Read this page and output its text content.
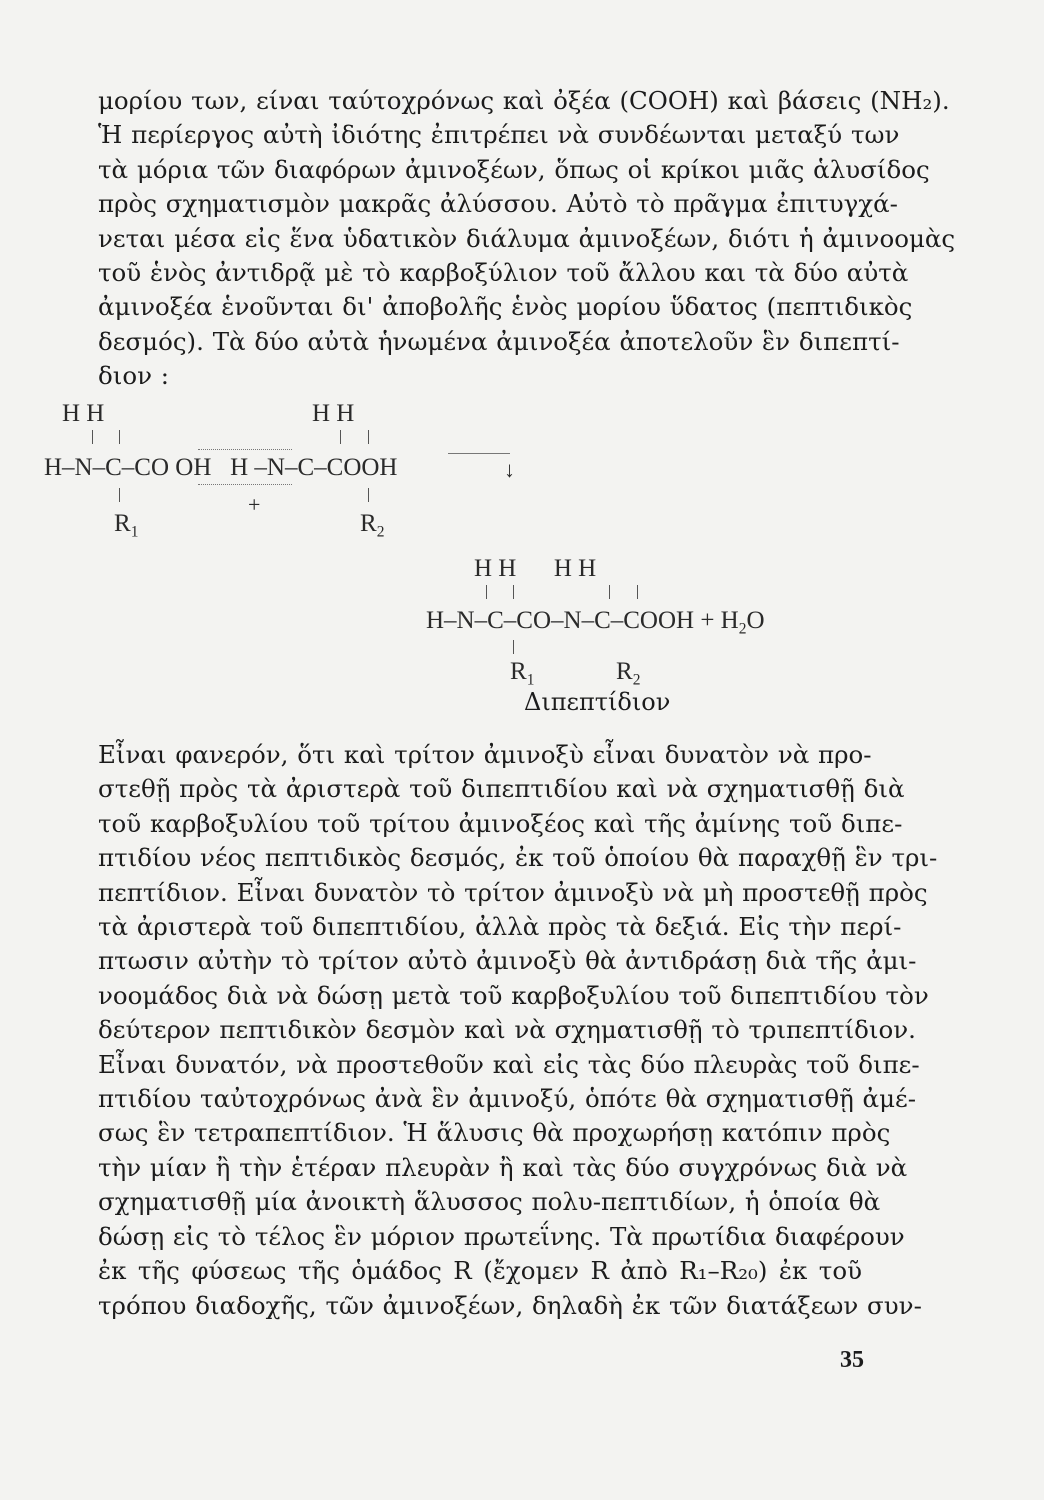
μορίου των, είναι ταύτοχρόνως καὶ ὀξέα (COOH) καὶ βάσεις (NH₂).
Ἡ περίεργος αὐτὴ ἰδιότης ἐπιτρέπει νὰ συνδέωνται μεταξύ των
τὰ μόρια τῶν διαφόρων ἀμινοξέων, ὅπως οἱ κρίκοι μιᾶς ἁλυσίδος
πρὸς σχηματισμὸν μακρᾶς ἀλύσσου. Αὐτὸ τὸ πρᾶγμα ἐπιτυγχά-
νεται μέσα εἰς ἕνα ὑδατικὸν διάλυμα ἀμινοξέων, διότι ἡ ἀμινοομὰς
τοῦ ἑνὸς ἀντιδρᾷ μὲ τὸ καρβοξύλιον τοῦ ἄλλου και τὰ δύο αὐτὰ
ἀμινοξέα ἑνοῦνται δι' ἀποβολῆς ἑνὸς μορίου ὕδατος (πεπτιδικὸς
δεσμός). Τὰ δύο αὐτὰ ἡνωμένα ἀμινοξέα ἀποτελοῦν ἓν διπεπτί-
διον :
H H	H H
H–N–C–CO OH   H –N–C–COOH	↓
+
$R_1$	$R_2$
H H      H H
H–N–C–CO–N–C–COOH + $H_2O$
$R_1$	$R_2$
Διπεπτίδιον
Εἶναι φανερόν, ὅτι καὶ τρίτον ἀμινοξὺ εἶναι δυνατὸν νὰ προ-
στεθῇ πρὸς τὰ ἀριστερὰ τοῦ διπεπτιδίου καὶ νὰ σχηματισθῇ διὰ
τοῦ καρβοξυλίου τοῦ τρίτου ἀμινοξέος καὶ τῆς ἀμίνης τοῦ διπε-
πτιδίου νέος πεπτιδικὸς δεσμός, ἐκ τοῦ ὁποίου θὰ παραχθῇ ἓν τρι-
πεπτίδιον. Εἶναι δυνατὸν τὸ τρίτον ἀμινοξὺ νὰ μὴ προστεθῇ πρὸς
τὰ ἀριστερὰ τοῦ διπεπτιδίου, ἀλλὰ πρὸς τὰ δεξιά. Εἰς τὴν περί-
πτωσιν αὐτὴν τὸ τρίτον αὐτὸ ἀμινοξὺ θὰ ἀντιδράσῃ διὰ τῆς ἀμι-
νοομάδος διὰ νὰ δώσῃ μετὰ τοῦ καρβοξυλίου τοῦ διπεπτιδίου τὸν
δεύτερον πεπτιδικὸν δεσμὸν καὶ νὰ σχηματισθῇ τὸ τριπεπτίδιον.
Εἶναι δυνατόν, νὰ προστεθοῦν καὶ εἰς τὰς δύο πλευρὰς τοῦ διπε-
πτιδίου ταὐτοχρόνως ἀνὰ ἓν ἀμινοξύ, ὁπότε θὰ σχηματισθῇ ἀμέ-
σως ἓν τετραπεπτίδιον. Ἡ ἅλυσις θὰ προχωρήσῃ κατόπιν πρὸς
τὴν μίαν ἢ τὴν ἑτέραν πλευρὰν ἢ καὶ τὰς δύο συγχρόνως διὰ νὰ
σχηματισθῇ μία ἀνοικτὴ ἅλυσσος πολυ-πεπτιδίων, ἡ ὁποία θὰ
δώσῃ εἰς τὸ τέλος ἓν μόριον πρωτεΐνης. Τὰ πρωτίδια διαφέρουν
ἐκ τῆς φύσεως τῆς ὁμάδος R (ἔχομεν R ἀπὸ R₁–R₂₀) ἐκ τοῦ
τρόπου διαδοχῆς, τῶν ἀμινοξέων, δηλαδὴ ἐκ τῶν διατάξεων συν-
35
